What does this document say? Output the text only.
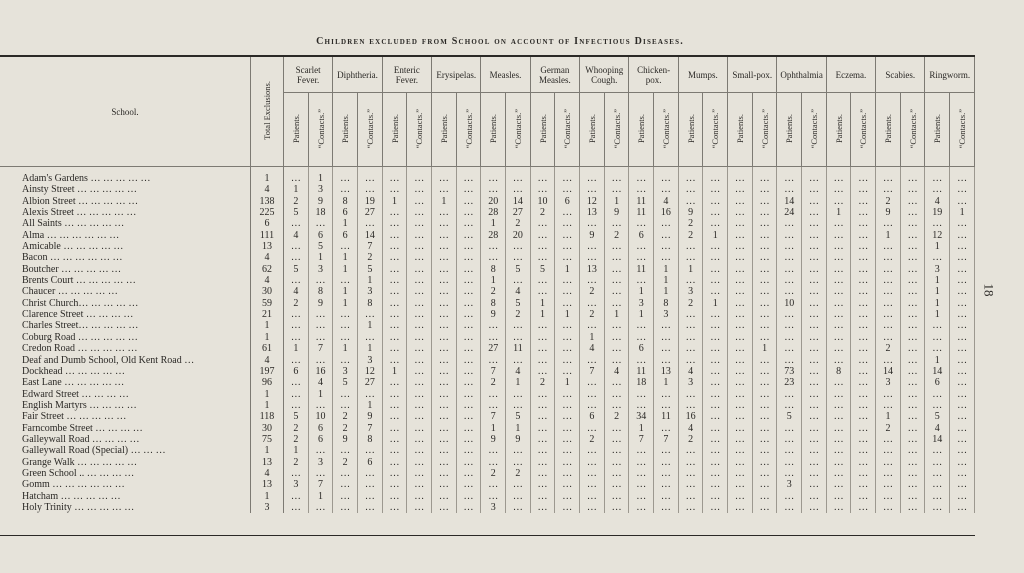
Children excluded from School on account of Infectious Diseases.
18
School.	Total Exclusions.	Scarlet Fever.		Diphtheria.		Enteric Fever.		Erysipelas.		Measles.		German Measles.		Whooping Cough.		Chicken-pox.		Mumps.		Small-pox.		Ophthalmia		Eczema.		Scabies.		Ringworm.	
		Patients.	“Contacts.”	Patients.	“Contacts.”	Patients.	“Contacts.”	Patients.	“Contacts.”	Patients.	“Contacts.”	Patients.	“Contacts.”	Patients.	“Contacts.”	Patients.	“Contacts.”	Patients.	“Contacts.”	Patients.	“Contacts.”	Patients.	“Contacts.”	Patients.	“Contacts.”	Patients.	“Contacts.”	Patients.	“Contacts.”

Adam's Gardens … … … … …	1	…	1	…	…	…	…	…	…	…	…	…	…	…	…	…	…	…	…	…	…	…	…	…	…	…	…	…	…
Ainsty Street … … … … …	4	1	3	…	…	…	…	…	…	…	…	…	…	…	…	…	…	…	…	…	…	…	…	…	…	…	…	…	…
Albion Street … … … … …	138	2	9	8	19	1	…	1	…	20	14	10	6	12	1	11	4	…	…	…	…	14	…	…	…	2	…	4	…
Alexis Street … … … … …	225	5	18	6	27	…	…	…	…	28	27	2	…	13	9	11	16	9	…	…	…	24	…	1	…	9	…	19	1
All Saints … … … … …	6	…	…	1	…	…	…	…	…	1	2	…	…	…	…	…	…	2	…	…	…	…	…	…	…	…	…	…	…
Alma … … … … … …	111	4	6	6	14	…	…	…	…	28	20	…	…	9	2	6	…	2	1	…	…	…	…	…	…	1	…	12	…
Amicable … … … … …	13	…	5	…	7	…	…	…	…	…	…	…	…	…	…	…	…	…	…	…	…	…	…	…	…	…	…	1	…
Bacon … … … … … …	4	…	1	1	2	…	…	…	…	…	…	…	…	…	…	…	…	…	…	…	…	…	…	…	…	…	…	…	…
Boutcher … … … … …	62	5	3	1	5	…	…	…	…	8	5	5	1	13	…	11	1	1	…	…	…	…	…	…	…	…	…	3	…
Brents Court … … … … …	4	…	…	…	1	…	…	…	…	1	…	…	…	…	…	…	1	…	…	…	…	…	…	…	…	…	…	1	…
Chaucer … … … … …	30	4	8	1	3	…	…	…	…	2	4	…	…	2	…	1	1	3	…	…	…	…	…	…	…	…	…	1	…
Christ Church… … … … …	59	2	9	1	8	…	…	…	…	8	5	1	…	…	…	3	8	2	1	…	…	10	…	…	…	…	…	1	…
Clarence Street … … … …	21	…	…	…	…	…	…	…	…	9	2	1	1	2	1	1	3	…	…	…	…	…	…	…	…	…	…	1	…
Charles Street… … … … …	1	…	…	…	1	…	…	…	…	…	…	…	…	…	…	…	…	…	…	…	…	…	…	…	…	…	…	…	…
Coburg Road … … … … …	1	…	…	…	…	…	…	…	…	…	…	…	…	1	…	…	…	…	…	…	…	…	…	…	…	…	…	…	…
Credon Road … … … … …	61	1	7	1	1	…	…	…	…	27	11	…	…	4	…	6	…	…	…	…	1	…	…	…	…	2	…	…	…
Deaf and Dumb School, Old Kent Road …	4	…	…	…	3	…	…	…	…	…	…	…	…	…	…	…	…	…	…	…	…	…	…	…	…	…	…	1	…
Dockhead … … … … …	197	6	16	3	12	1	…	…	…	7	4	…	…	7	4	11	13	4	…	…	…	73	…	8	…	14	…	14	…
East Lane … … … … …	96	…	4	5	27	…	…	…	…	2	1	2	1	…	…	18	1	3	…	…	…	23	…	…	…	3	…	6	…
Edward Street … … … …	1	…	1	…	…	…	…	…	…	…	…	…	…	…	…	…	…	…	…	…	…	…	…	…	…	…	…	…	…
English Martyrs … … … …	1	…	…	…	1	…	…	…	…	…	…	…	…	…	…	…	…	…	…	…	…	…	…	…	…	…	…	…	…
Fair Street … … … … …	118	5	10	2	9	…	…	…	…	7	5	…	…	6	2	34	11	16	…	…	…	5	…	…	…	1	…	5	…
Farncombe Street … … … …	30	2	6	2	7	…	…	…	…	1	1	…	…	…	…	1	…	4	…	…	…	…	…	…	…	2	…	4	…
Galleywall Road … … … …	75	2	6	9	8	…	…	…	…	9	9	…	…	2	…	7	7	2	…	…	…	…	…	…	…	…	…	14	…
Galleywall Road (Special) … … …	1	1	…	…	…	…	…	…	…	…	…	…	…	…	…	…	…	…	…	…	…	…	…	…	…	…	…	…	…
Grange Walk … … … … …	13	2	3	2	6	…	…	…	…	…	…	…	…	…	…	…	…	…	…	…	…	…	…	…	…	…	…	…	…
Green School .. … … … …	4	…	…	…	…	…	…	…	…	2	2	…	…	…	…	…	…	…	…	…	…	…	…	…	…	…	…	…	…
Gomm … … … … … …	13	3	7	…	…	…	…	…	…	…	…	…	…	…	…	…	…	…	…	…	…	3	…	…	…	…	…	…	…
Hatcham … … … … …	1	…	1	…	…	…	…	…	…	…	…	…	…	…	…	…	…	…	…	…	…	…	…	…	…	…	…	…	…
Holy Trinity … … … … …	3	…	…	…	…	…	…	…	…	3	…	…	…	…	…	…	…	…	…	…	…	…	…	…	…	…	…	…	…
